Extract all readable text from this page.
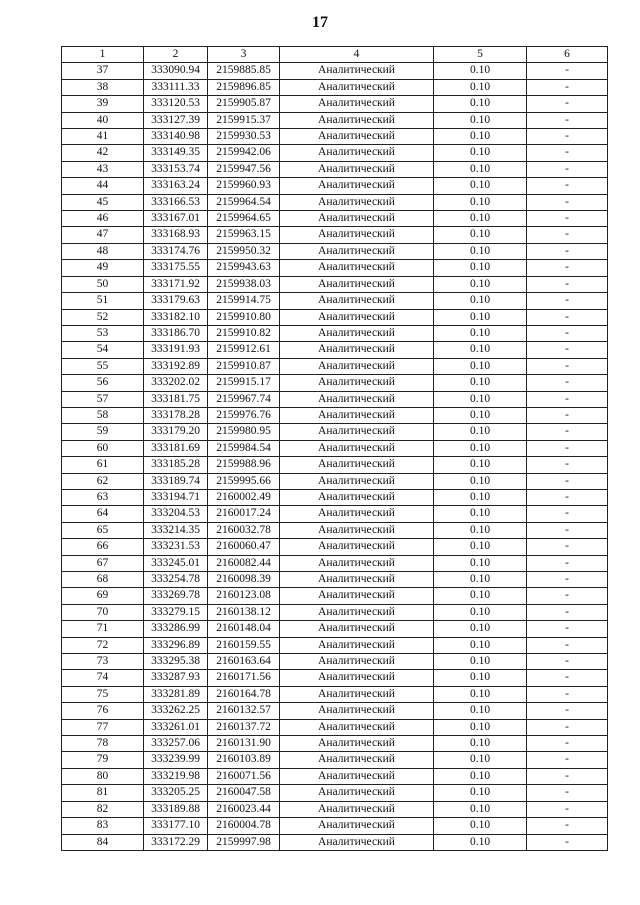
17
1	2	3	4	5	6
37	333090.94	2159885.85	Аналитический	0.10	-
38	333111.33	2159896.85	Аналитический	0.10	-
39	333120.53	2159905.87	Аналитический	0.10	-
40	333127.39	2159915.37	Аналитический	0.10	-
41	333140.98	2159930.53	Аналитический	0.10	-
42	333149.35	2159942.06	Аналитический	0.10	-
43	333153.74	2159947.56	Аналитический	0.10	-
44	333163.24	2159960.93	Аналитический	0.10	-
45	333166.53	2159964.54	Аналитический	0.10	-
46	333167.01	2159964.65	Аналитический	0.10	-
47	333168.93	2159963.15	Аналитический	0.10	-
48	333174.76	2159950.32	Аналитический	0.10	-
49	333175.55	2159943.63	Аналитический	0.10	-
50	333171.92	2159938.03	Аналитический	0.10	-
51	333179.63	2159914.75	Аналитический	0.10	-
52	333182.10	2159910.80	Аналитический	0.10	-
53	333186.70	2159910.82	Аналитический	0.10	-
54	333191.93	2159912.61	Аналитический	0.10	-
55	333192.89	2159910.87	Аналитический	0.10	-
56	333202.02	2159915.17	Аналитический	0.10	-
57	333181.75	2159967.74	Аналитический	0.10	-
58	333178.28	2159976.76	Аналитический	0.10	-
59	333179.20	2159980.95	Аналитический	0.10	-
60	333181.69	2159984.54	Аналитический	0.10	-
61	333185.28	2159988.96	Аналитический	0.10	-
62	333189.74	2159995.66	Аналитический	0.10	-
63	333194.71	2160002.49	Аналитический	0.10	-
64	333204.53	2160017.24	Аналитический	0.10	-
65	333214.35	2160032.78	Аналитический	0.10	-
66	333231.53	2160060.47	Аналитический	0.10	-
67	333245.01	2160082.44	Аналитический	0.10	-
68	333254.78	2160098.39	Аналитический	0.10	-
69	333269.78	2160123.08	Аналитический	0.10	-
70	333279.15	2160138.12	Аналитический	0.10	-
71	333286.99	2160148.04	Аналитический	0.10	-
72	333296.89	2160159.55	Аналитический	0.10	-
73	333295.38	2160163.64	Аналитический	0.10	-
74	333287.93	2160171.56	Аналитический	0.10	-
75	333281.89	2160164.78	Аналитический	0.10	-
76	333262.25	2160132.57	Аналитический	0.10	-
77	333261.01	2160137.72	Аналитический	0.10	-
78	333257.06	2160131.90	Аналитический	0.10	-
79	333239.99	2160103.89	Аналитический	0.10	-
80	333219.98	2160071.56	Аналитический	0.10	-
81	333205.25	2160047.58	Аналитический	0.10	-
82	333189.88	2160023.44	Аналитический	0.10	-
83	333177.10	2160004.78	Аналитический	0.10	-
84	333172.29	2159997.98	Аналитический	0.10	-
